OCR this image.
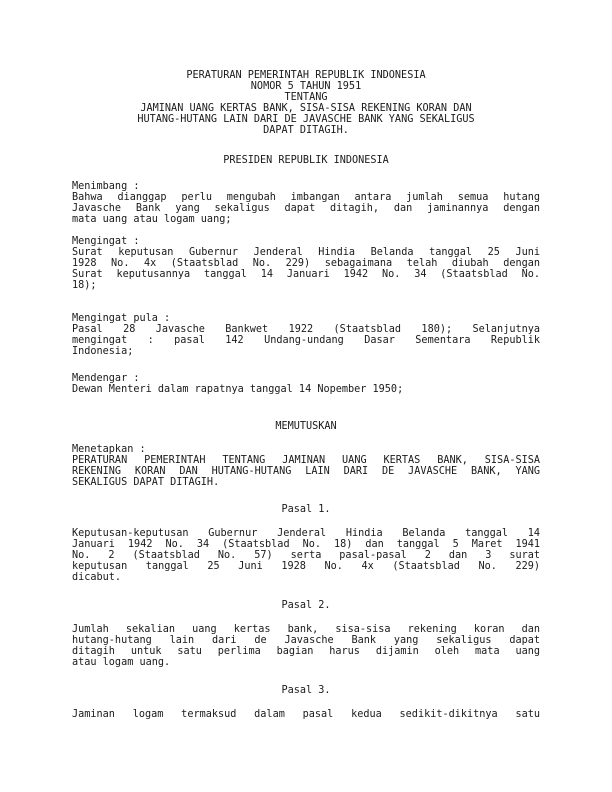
PERATURAN PEMERINTAH REPUBLIK INDONESIA
NOMOR 5 TAHUN 1951
TENTANG
JAMINAN UANG KERTAS BANK, SISA-SISA REKENING KORAN DAN
HUTANG-HUTANG LAIN DARI DE JAVASCHE BANK YANG SEKALIGUS
DAPAT DITAGIH.
PRESIDEN REPUBLIK INDONESIA
Menimbang :
Bahwa dianggap perlu mengubah imbangan antara jumlah semua hutang
Javasche Bank yang sekaligus dapat ditagih, dan jaminannya dengan
mata uang atau logam uang;
Mengingat :
Surat keputusan Gubernur Jenderal Hindia Belanda tanggal 25 Juni
1928 No. 4x (Staatsblad No. 229) sebagaimana telah diubah dengan
Surat keputusannya tanggal 14 Januari 1942 No. 34 (Staatsblad No.
18);
Mengingat pula :
Pasal 28 Javasche Bankwet 1922 (Staatsblad 180); Selanjutnya
mengingat : pasal 142 Undang-undang Dasar Sementara Republik
Indonesia;
Mendengar :
Dewan Menteri dalam rapatnya tanggal 14 Nopember 1950;
MEMUTUSKAN
Menetapkan :
PERATURAN PEMERINTAH TENTANG JAMINAN UANG KERTAS BANK, SISA-SISA
REKENING KORAN DAN HUTANG-HUTANG LAIN DARI DE JAVASCHE BANK, YANG
SEKALIGUS DAPAT DITAGIH.
Pasal 1.
Keputusan-keputusan Gubernur Jenderal Hindia Belanda tanggal 14
Januari 1942 No. 34 (Staatsblad No. 18) dan tanggal 5 Maret 1941
No. 2 (Staatsblad No. 57) serta pasal-pasal 2 dan 3 surat
keputusan tanggal 25 Juni 1928 No. 4x (Staatsblad No. 229)
dicabut.
Pasal 2.
Jumlah sekalian uang kertas bank, sisa-sisa rekening koran dan
hutang-hutang lain dari de Javasche Bank yang sekaligus dapat
ditagih untuk satu perlima bagian harus dijamin oleh mata uang
atau logam uang.
Pasal 3.
Jaminan logam termaksud dalam pasal kedua sedikit-dikitnya satu
